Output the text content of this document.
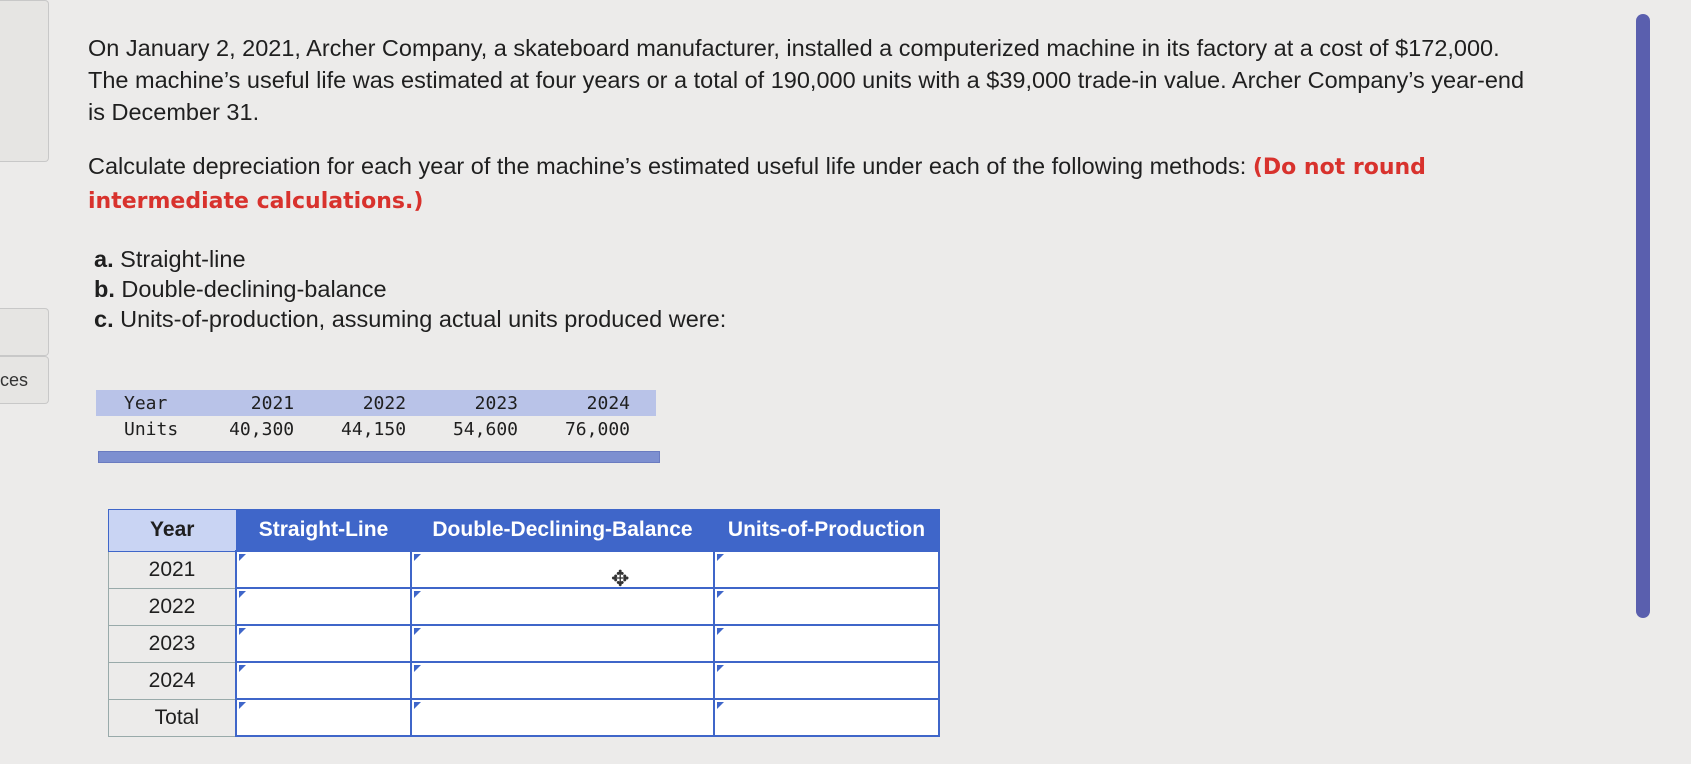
ces
On January 2, 2021, Archer Company, a skateboard manufacturer, installed a computerized machine in its factory at a cost of $172,000. The machine’s useful life was estimated at four years or a total of 190,000 units with a $39,000 trade-in value. Archer Company’s year-end is December 31.
Calculate depreciation for each year of the machine’s estimated useful life under each of the following methods: (Do not round intermediate calculations.)
a. Straight-line
b. Double-declining-balance
c. Units-of-production, assuming actual units produced were:
Year	2021	2022	2023	2024
Units	40,300	44,150	54,600	76,000
Year	Straight-Line	Double-Declining-Balance	Units-of-Production
2021			
2022			
2023			
2024			
Total			
✥
